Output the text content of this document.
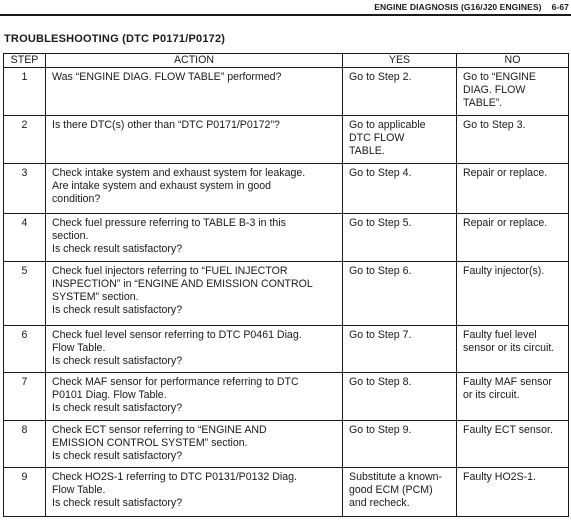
ENGINE DIAGNOSIS (G16/J20 ENGINES) 6-67
TROUBLESHOOTING (DTC P0171/P0172)
STEP	ACTION	YES	NO
1	Was “ENGINE DIAG. FLOW TABLE” performed?	Go to Step 2.	Go to “ENGINE
DIAG. FLOW
TABLE”.

2	Is there DTC(s) other than “DTC P0171/P0172”?	Go to applicable
DTC FLOW
TABLE.	Go to Step 3.

3	Check intake system and exhaust system for leakage.
Are intake system and exhaust system in good
condition?	Go to Step 4.	Repair or replace.

4	Check fuel pressure referring to TABLE B-3 in this
section.
Is check result satisfactory?	Go to Step 5.	Repair or replace.

5	Check fuel injectors referring to “FUEL INJECTOR
INSPECTION” in “ENGINE AND EMISSION CONTROL
SYSTEM” section.
Is check result satisfactory?	Go to Step 6.	Faulty injector(s).

6	Check fuel level sensor referring to DTC P0461 Diag.
Flow Table.
Is check result satisfactory?	Go to Step 7.	Faulty fuel level
sensor or its circuit.

7	Check MAF sensor for performance referring to DTC
P0101 Diag. Flow Table.
Is check result satisfactory?	Go to Step 8.	Faulty MAF sensor
or its circuit.

8	Check ECT sensor referring to “ENGINE AND
EMISSION CONTROL SYSTEM” section.
Is check result satisfactory?	Go to Step 9.	Faulty ECT sensor.

9	Check HO2S-1 referring to DTC P0131/P0132 Diag.
Flow Table.
Is check result satisfactory?	Substitute a known-
good ECM (PCM)
and recheck.	Faulty HO2S-1.
